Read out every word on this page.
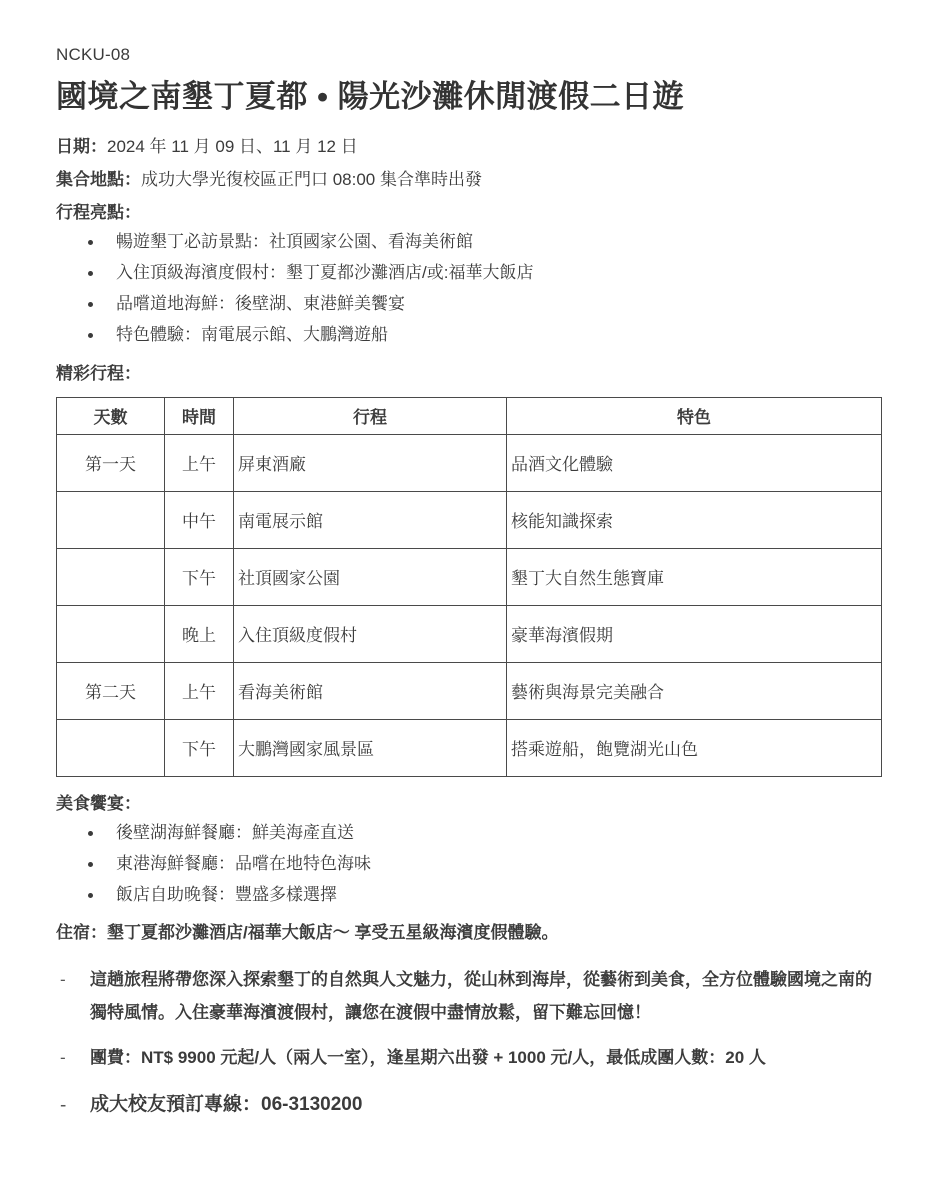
NCKU-08
國境之南墾丁夏都 • 陽光沙灘休閒渡假二日遊

日期：2024 年 11 月 09 日、11 月 12 日

集合地點：成功大學光復校區正門口 08:00 集合準時出發

行程亮點：

暢遊墾丁必訪景點：社頂國家公園、看海美術館
入住頂級海濱度假村：墾丁夏都沙灘酒店/或:福華大飯店
品嚐道地海鮮：後壁湖、東港鮮美饗宴
特色體驗：南電展示館、大鵬灣遊船

精彩行程：

天數	時間	行程	特色
第一天	上午	屏東酒廠	品酒文化體驗
	中午	南電展示館	核能知識探索
	下午	社頂國家公園	墾丁大自然生態寶庫
	晚上	入住頂級度假村	豪華海濱假期
第二天	上午	看海美術館	藝術與海景完美融合
	下午	大鵬灣國家風景區	搭乘遊船，飽覽湖光山色

美食饗宴：

後壁湖海鮮餐廳：鮮美海產直送
東港海鮮餐廳：品嚐在地特色海味
飯店自助晚餐：豐盛多樣選擇

住宿：墾丁夏都沙灘酒店/福華大飯店～ 享受五星級海濱度假體驗。

- 這趟旅程將帶您深入探索墾丁的自然與人文魅力，從山林到海岸，從藝術到美食，全方位體驗國境之南的獨特風情。入住豪華海濱渡假村，讓您在渡假中盡情放鬆，留下難忘回憶！
- 團費：NT$ 9900 元起/人（兩人一室），逢星期六出發 + 1000 元/人，最低成團人數：20 人
- 成大校友預訂專線：06-3130200
